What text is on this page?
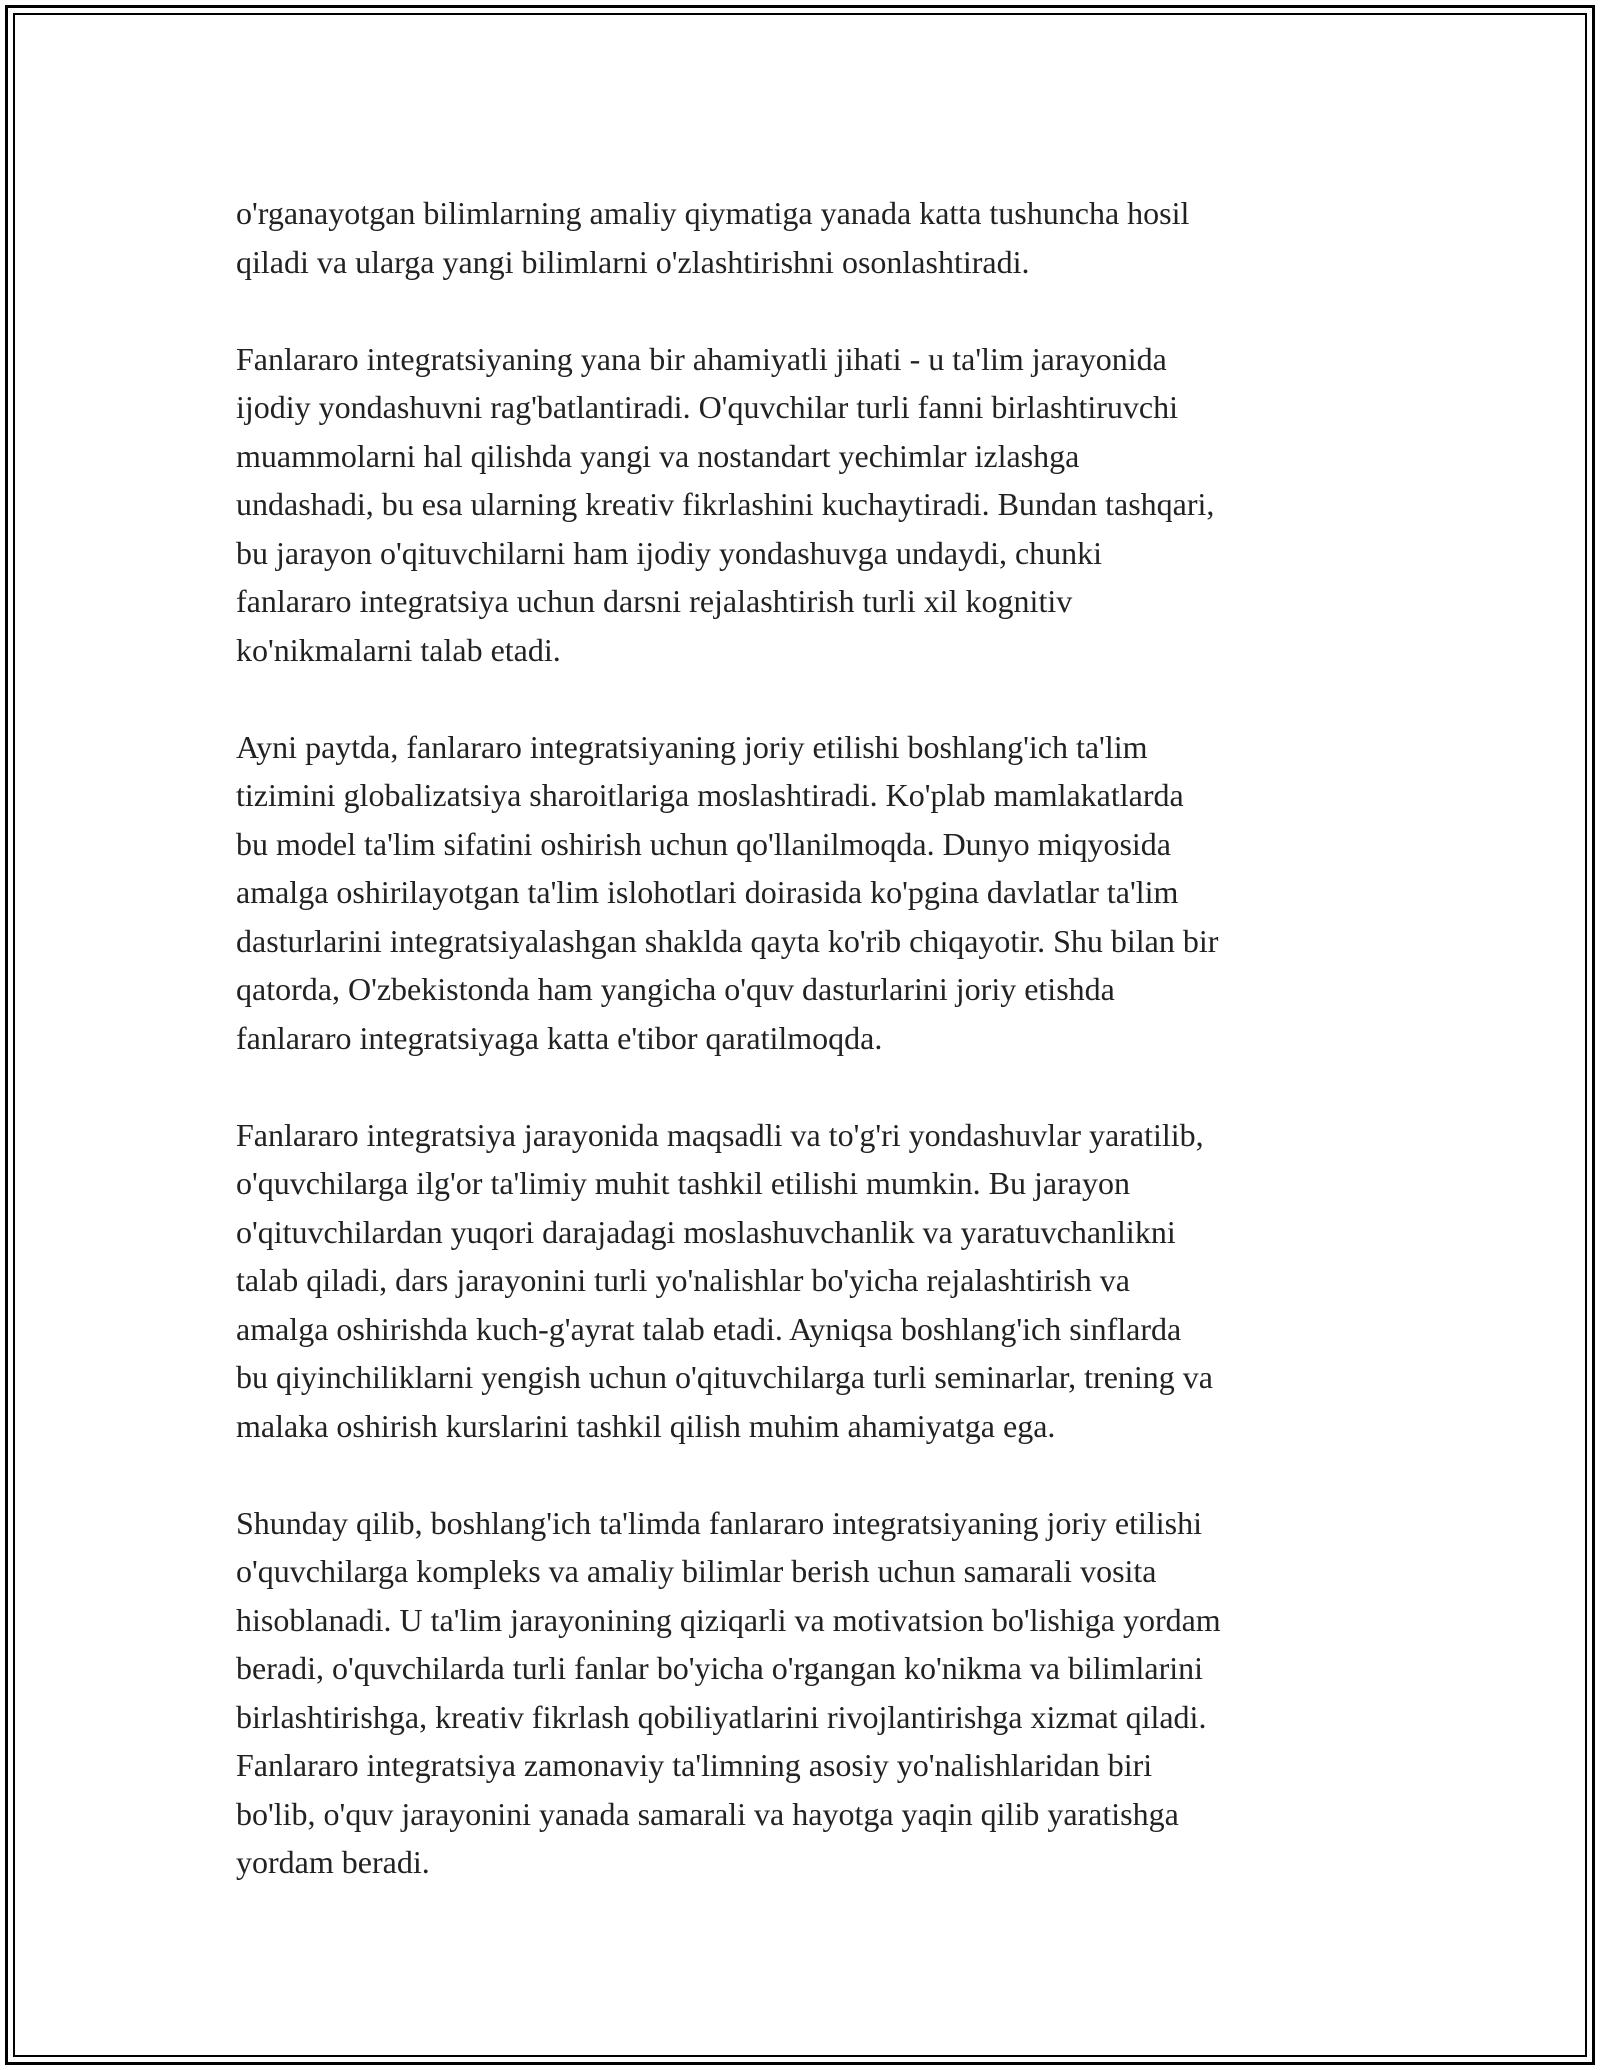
o'rganayotgan bilimlarning amaliy qiymatiga yanada katta tushuncha hosil
qiladi va ularga yangi bilimlarni o'zlashtirishni osonlashtiradi.

Fanlararo integratsiyaning yana bir ahamiyatli jihati - u ta'lim jarayonida
ijodiy yondashuvni rag'batlantiradi. O'quvchilar turli fanni birlashtiruvchi
muammolarni hal qilishda yangi va nostandart yechimlar izlashga
undashadi, bu esa ularning kreativ fikrlashini kuchaytiradi. Bundan tashqari,
bu jarayon o'qituvchilarni ham ijodiy yondashuvga undaydi, chunki
fanlararo integratsiya uchun darsni rejalashtirish turli xil kognitiv
ko'nikmalarni talab etadi.

Ayni paytda, fanlararo integratsiyaning joriy etilishi boshlang'ich ta'lim
tizimini globalizatsiya sharoitlariga moslashtiradi. Ko'plab mamlakatlarda
bu model ta'lim sifatini oshirish uchun qo'llanilmoqda. Dunyo miqyosida
amalga oshirilayotgan ta'lim islohotlari doirasida ko'pgina davlatlar ta'lim
dasturlarini integratsiyalashgan shaklda qayta ko'rib chiqayotir. Shu bilan bir
qatorda, O'zbekistonda ham yangicha o'quv dasturlarini joriy etishda
fanlararo integratsiyaga katta e'tibor qaratilmoqda.

Fanlararo integratsiya jarayonida maqsadli va to'g'ri yondashuvlar yaratilib,
o'quvchilarga ilg'or ta'limiy muhit tashkil etilishi mumkin. Bu jarayon
o'qituvchilardan yuqori darajadagi moslashuvchanlik va yaratuvchanlikni
talab qiladi, dars jarayonini turli yo'nalishlar bo'yicha rejalashtirish va
amalga oshirishda kuch-g'ayrat talab etadi. Ayniqsa boshlang'ich sinflarda
bu qiyinchiliklarni yengish uchun o'qituvchilarga turli seminarlar, trening va
malaka oshirish kurslarini tashkil qilish muhim ahamiyatga ega.

Shunday qilib, boshlang'ich ta'limda fanlararo integratsiyaning joriy etilishi
o'quvchilarga kompleks va amaliy bilimlar berish uchun samarali vosita
hisoblanadi. U ta'lim jarayonining qiziqarli va motivatsion bo'lishiga yordam
beradi, o'quvchilarda turli fanlar bo'yicha o'rgangan ko'nikma va bilimlarini
birlashtirishga, kreativ fikrlash qobiliyatlarini rivojlantirishga xizmat qiladi.
Fanlararo integratsiya zamonaviy ta'limning asosiy yo'nalishlaridan biri
bo'lib, o'quv jarayonini yanada samarali va hayotga yaqin qilib yaratishga
yordam beradi.
